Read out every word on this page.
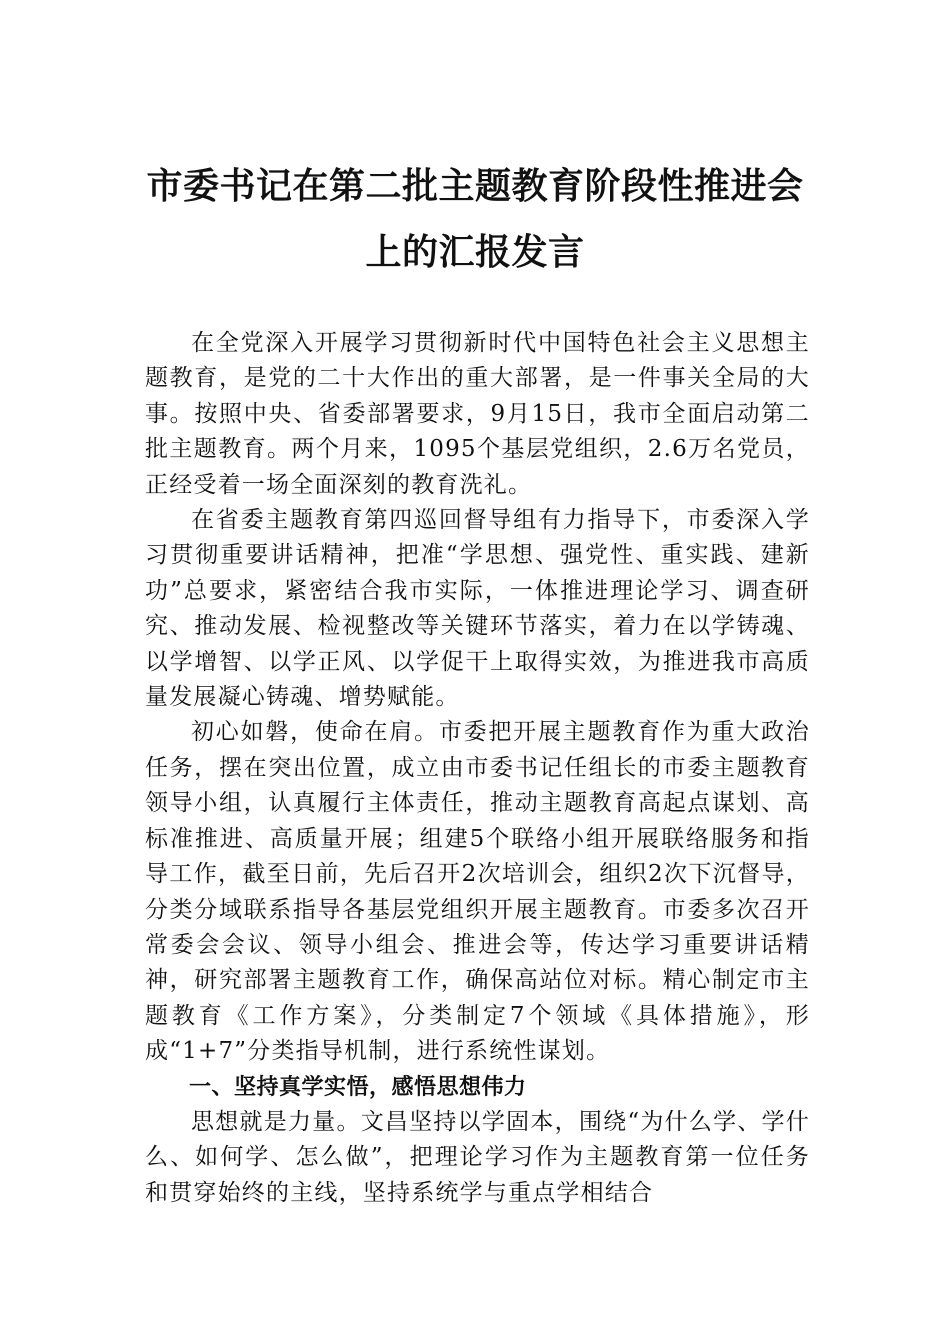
市委书记在第二批主题教育阶段性推进会
上的汇报发言

在全党深入开展学习贯彻新时代中国特色社会主义思想主题教育，是党的二十大作出的重大部署，是一件事关全局的大事。按照中央、省委部署要求，9月15日，我市全面启动第二批主题教育。两个月来，1095个基层党组织，2.6万名党员，正经受着一场全面深刻的教育洗礼。

在省委主题教育第四巡回督导组有力指导下，市委深入学习贯彻重要讲话精神，把准“学思想、强党性、重实践、建新功”总要求，紧密结合我市实际，一体推进理论学习、调查研究、推动发展、检视整改等关键环节落实，着力在以学铸魂、以学增智、以学正风、以学促干上取得实效，为推进我市高质量发展凝心铸魂、增势赋能。

初心如磐，使命在肩。市委把开展主题教育作为重大政治任务，摆在突出位置，成立由市委书记任组长的市委主题教育领导小组，认真履行主体责任，推动主题教育高起点谋划、高标准推进、高质量开展；组建5个联络小组开展联络服务和指导工作，截至日前，先后召开2次培训会，组织2次下沉督导，分类分域联系指导各基层党组织开展主题教育。市委多次召开常委会会议、领导小组会、推进会等，传达学习重要讲话精神，研究部署主题教育工作，确保高站位对标。精心制定市主题教育《工作方案》，分类制定7个领域《具体措施》，形成“1+7”分类指导机制，进行系统性谋划。

一、坚持真学实悟，感悟思想伟力

思想就是力量。文昌坚持以学固本，围绕“为什么学、学什么、如何学、怎么做”，把理论学习作为主题教育第一位任务和贯穿始终的主线，坚持系统学与重点学相结合
